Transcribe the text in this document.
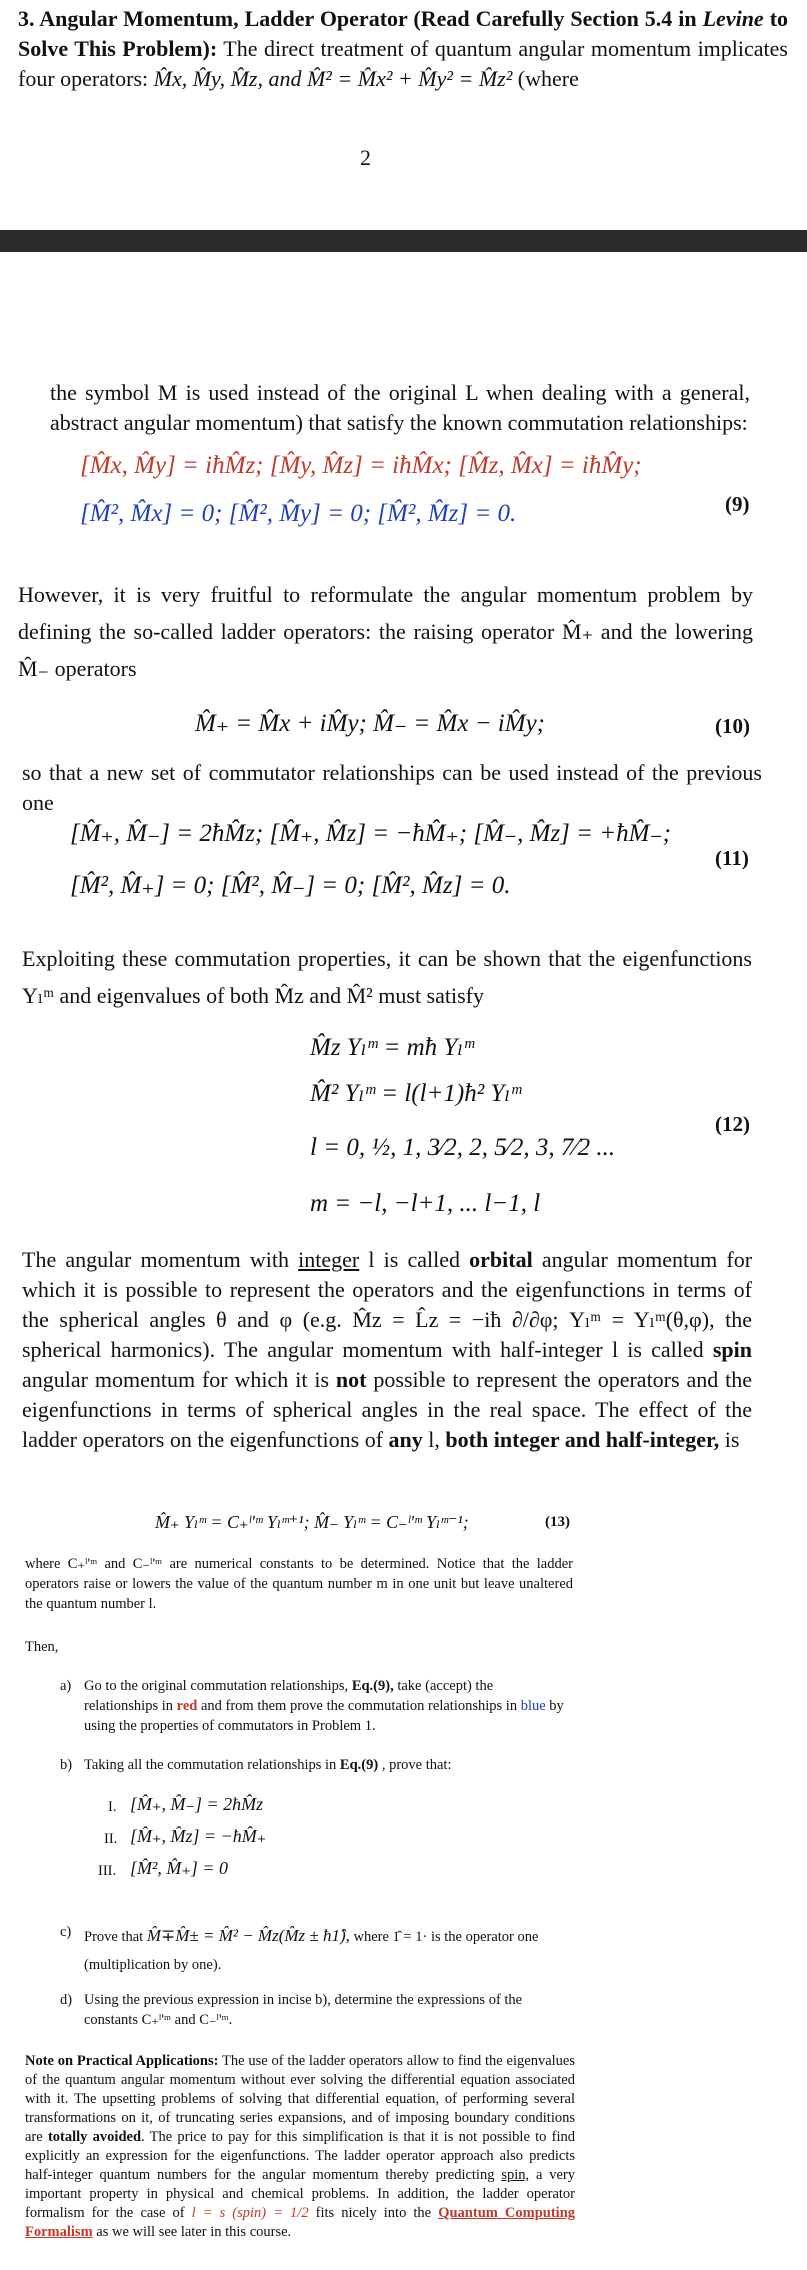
3. Angular Momentum, Ladder Operator (Read Carefully Section 5.4 in Levine to Solve This Problem): The direct treatment of quantum angular momentum implicates four operators: M̂x, M̂y, M̂z, and M̂² = M̂x² + M̂y² = M̂z² (where
2
the symbol M is used instead of the original L when dealing with a general, abstract angular momentum) that satisfy the known commutation relationships:
[M̂x, M̂y] = iħM̂z; [M̂y, M̂z] = iħM̂x; [M̂z, M̂x] = iħM̂y;
[M̂², M̂x] = 0; [M̂², M̂y] = 0; [M̂², M̂z] = 0.	(9)
However, it is very fruitful to reformulate the angular momentum problem by defining the so-called ladder operators: the raising operator M̂₊ and the lowering M̂₋ operators
M̂₊ = M̂x + iM̂y; M̂₋ = M̂x − iM̂y;	(10)
so that a new set of commutator relationships can be used instead of the previous one
[M̂₊, M̂₋] = 2ħM̂z; [M̂₊, M̂z] = −ħM̂₊; [M̂₋, M̂z] = +ħM̂₋;
[M̂², M̂₊] = 0; [M̂², M̂₋] = 0; [M̂², M̂z] = 0.
(11)
Exploiting these commutation properties, it can be shown that the eigenfunctions Yₗᵐ and eigenvalues of both M̂z and M̂² must satisfy
M̂z Yₗᵐ = mħ Yₗᵐ
M̂² Yₗᵐ = l(l+1)ħ² Yₗᵐ
l = 0, ½, 1, 3⁄2, 2, 5⁄2, 3, 7⁄2 ...
m = −l, −l+1, ... l−1, l
(12)
The angular momentum with integer l is called orbital angular momentum for which it is possible to represent the operators and the eigenfunctions in terms of the spherical angles θ and φ (e.g. M̂z = L̂z = −iħ ∂/∂φ; Yₗᵐ = Yₗᵐ(θ,φ), the spherical harmonics). The angular momentum with half-integer l is called spin angular momentum for which it is not possible to represent the operators and the eigenfunctions in terms of spherical angles in the real space. The effect of the ladder operators on the eigenfunctions of any l, both integer and half-integer, is
M̂₊ Yₗᵐ = C₊ˡ'ᵐ Yₗᵐ⁺¹; M̂₋ Yₗᵐ = C₋ˡ'ᵐ Yₗᵐ⁻¹;	(13)
where C₊ˡ'ᵐ and C₋ˡ'ᵐ are numerical constants to be determined. Notice that the ladder operators raise or lowers the value of the quantum number m in one unit but leave unaltered the quantum number l.
Then,
a) Go to the original commutation relationships, Eq.(9), take (accept) the relationships in red and from them prove the commutation relationships in blue by using the properties of commutators in Problem 1.
b) Taking all the commutation relationships in Eq.(9) , prove that:
I. [M̂₊, M̂₋] = 2ħM̂z
II. [M̂₊, M̂z] = −ħM̂₊
III. [M̂², M̂₊] = 0
c) Prove that M̂∓M̂± = M̂² − M̂z(M̂z ± ħ1̂), where 1̂ = 1· is the operator one (multiplication by one).
d) Using the previous expression in incise b), determine the expressions of the constants C₊ˡ'ᵐ and C₋ˡ'ᵐ.
Note on Practical Applications: The use of the ladder operators allow to find the eigenvalues of the quantum angular momentum without ever solving the differential equation associated with it. The upsetting problems of solving that differential equation, of performing several transformations on it, of truncating series expansions, and of imposing boundary conditions are totally avoided. The price to pay for this simplification is that it is not possible to find explicitly an expression for the eigenfunctions. The ladder operator approach also predicts half-integer quantum numbers for the angular momentum thereby predicting spin, a very important property in physical and chemical problems. In addition, the ladder operator formalism for the case of l = s (spin) = 1/2 fits nicely into the Quantum Computing Formalism as we will see later in this course.
